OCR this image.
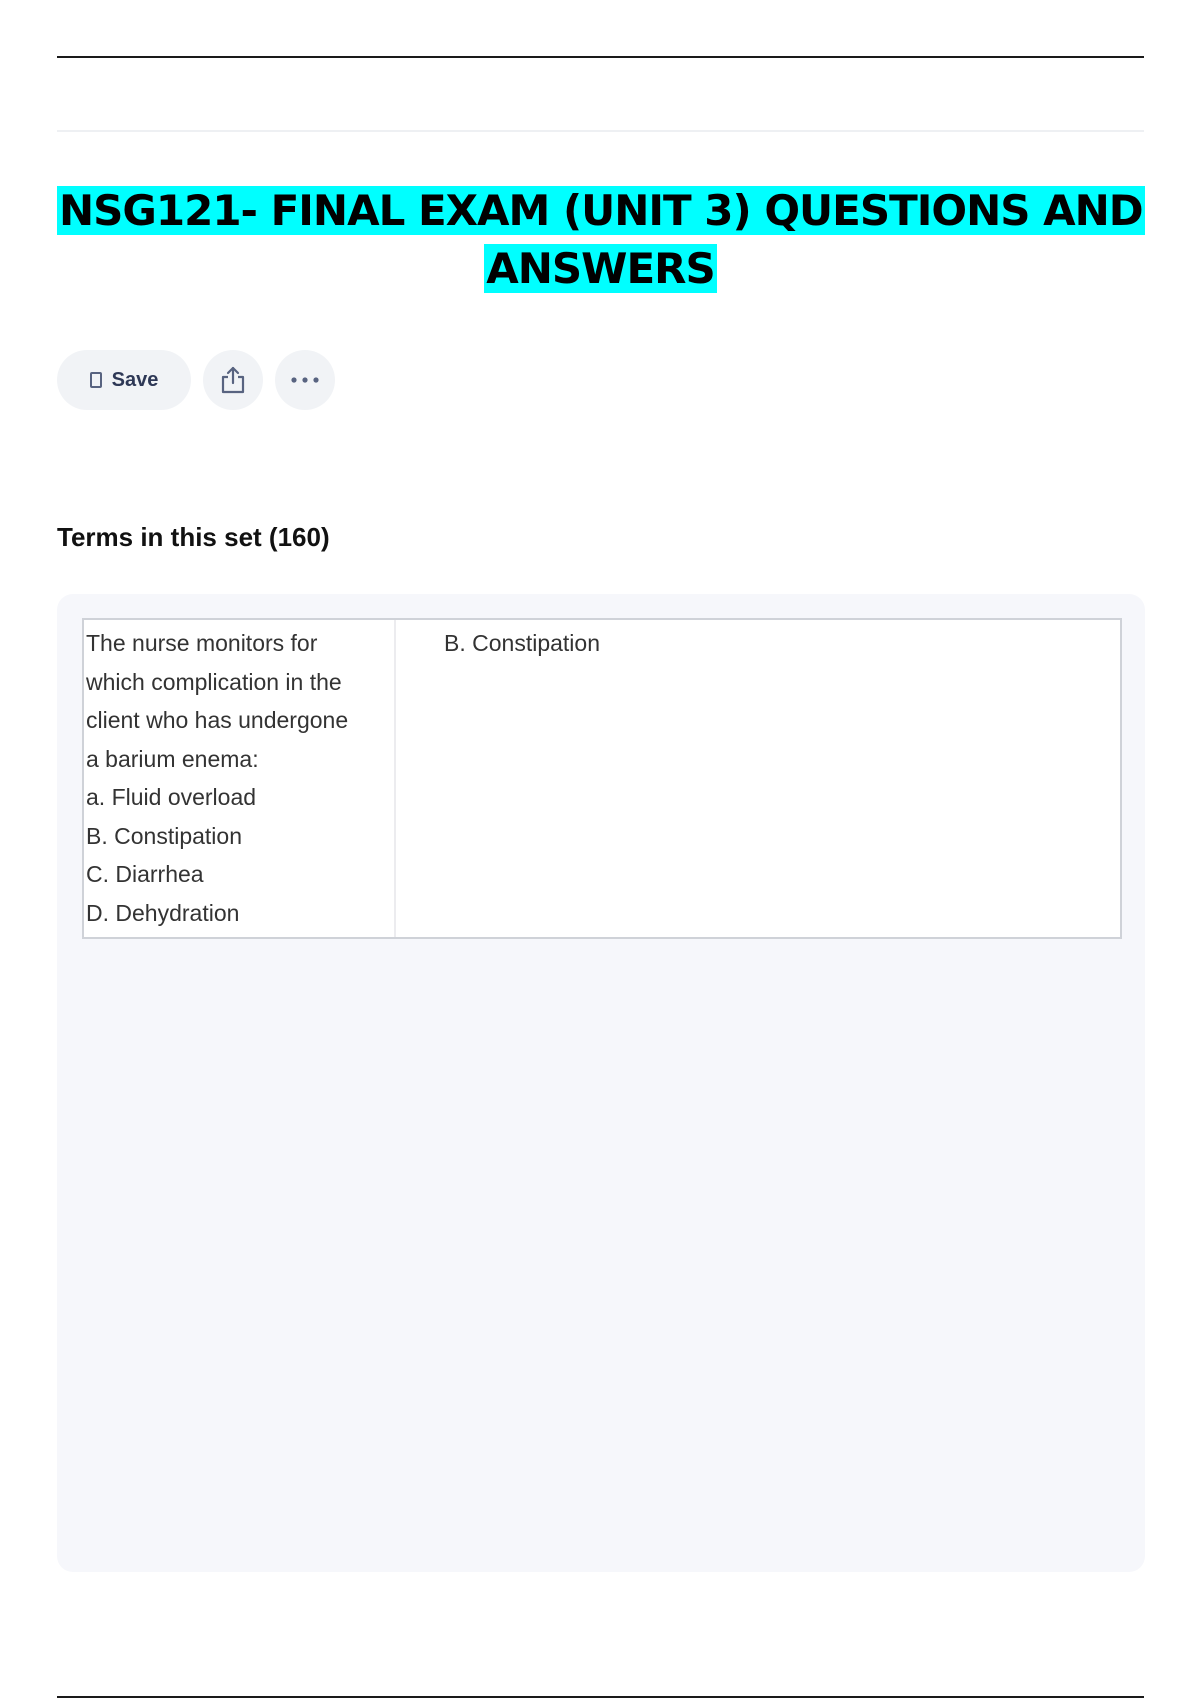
NSG121- FINAL EXAM (UNIT 3) QUESTIONS AND ANSWERS
Save
Terms in this set (160)
The nurse monitors for
which complication in the
client who has undergone
a barium enema:
a. Fluid overload
B. Constipation
C. Diarrhea
D. Dehydration
B. Constipation
